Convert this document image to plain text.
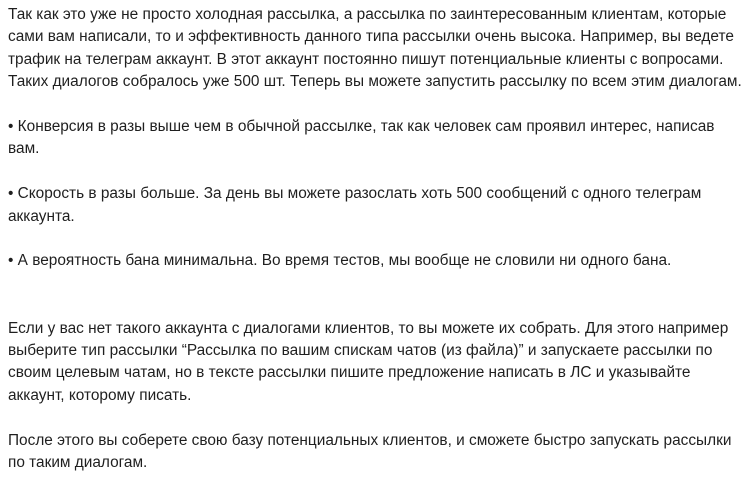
Так как это уже не просто холодная рассылка, а рассылка по заинтересованным клиентам, которые сами вам написали, то и эффективность данного типа рассылки очень высока. Например, вы ведете трафик на телеграм аккаунт. В этот аккаунт постоянно пишут потенциальные клиенты с вопросами. Таких диалогов собралось уже 500 шт. Теперь вы можете запустить рассылку по всем этим диалогам.

• Конверсия в разы выше чем в обычной рассылке, так как человек сам проявил интерес, написав вам.

• Скорость в разы больше. За день вы можете разослать хоть 500 сообщений с одного телеграм аккаунта.

• А вероятность бана минимальна. Во время тестов, мы вообще не словили ни одного бана.

Если у вас нет такого аккаунта с диалогами клиентов, то вы можете их собрать. Для этого например выберите тип рассылки “Рассылка по вашим спискам чатов (из файла)” и запускаете рассылки по своим целевым чатам, но в тексте рассылки пишите предложение написать в ЛС и указывайте аккаунт, которому писать.

После этого вы соберете свою базу потенциальных клиентов, и сможете быстро запускать рассылки по таким диалогам.
